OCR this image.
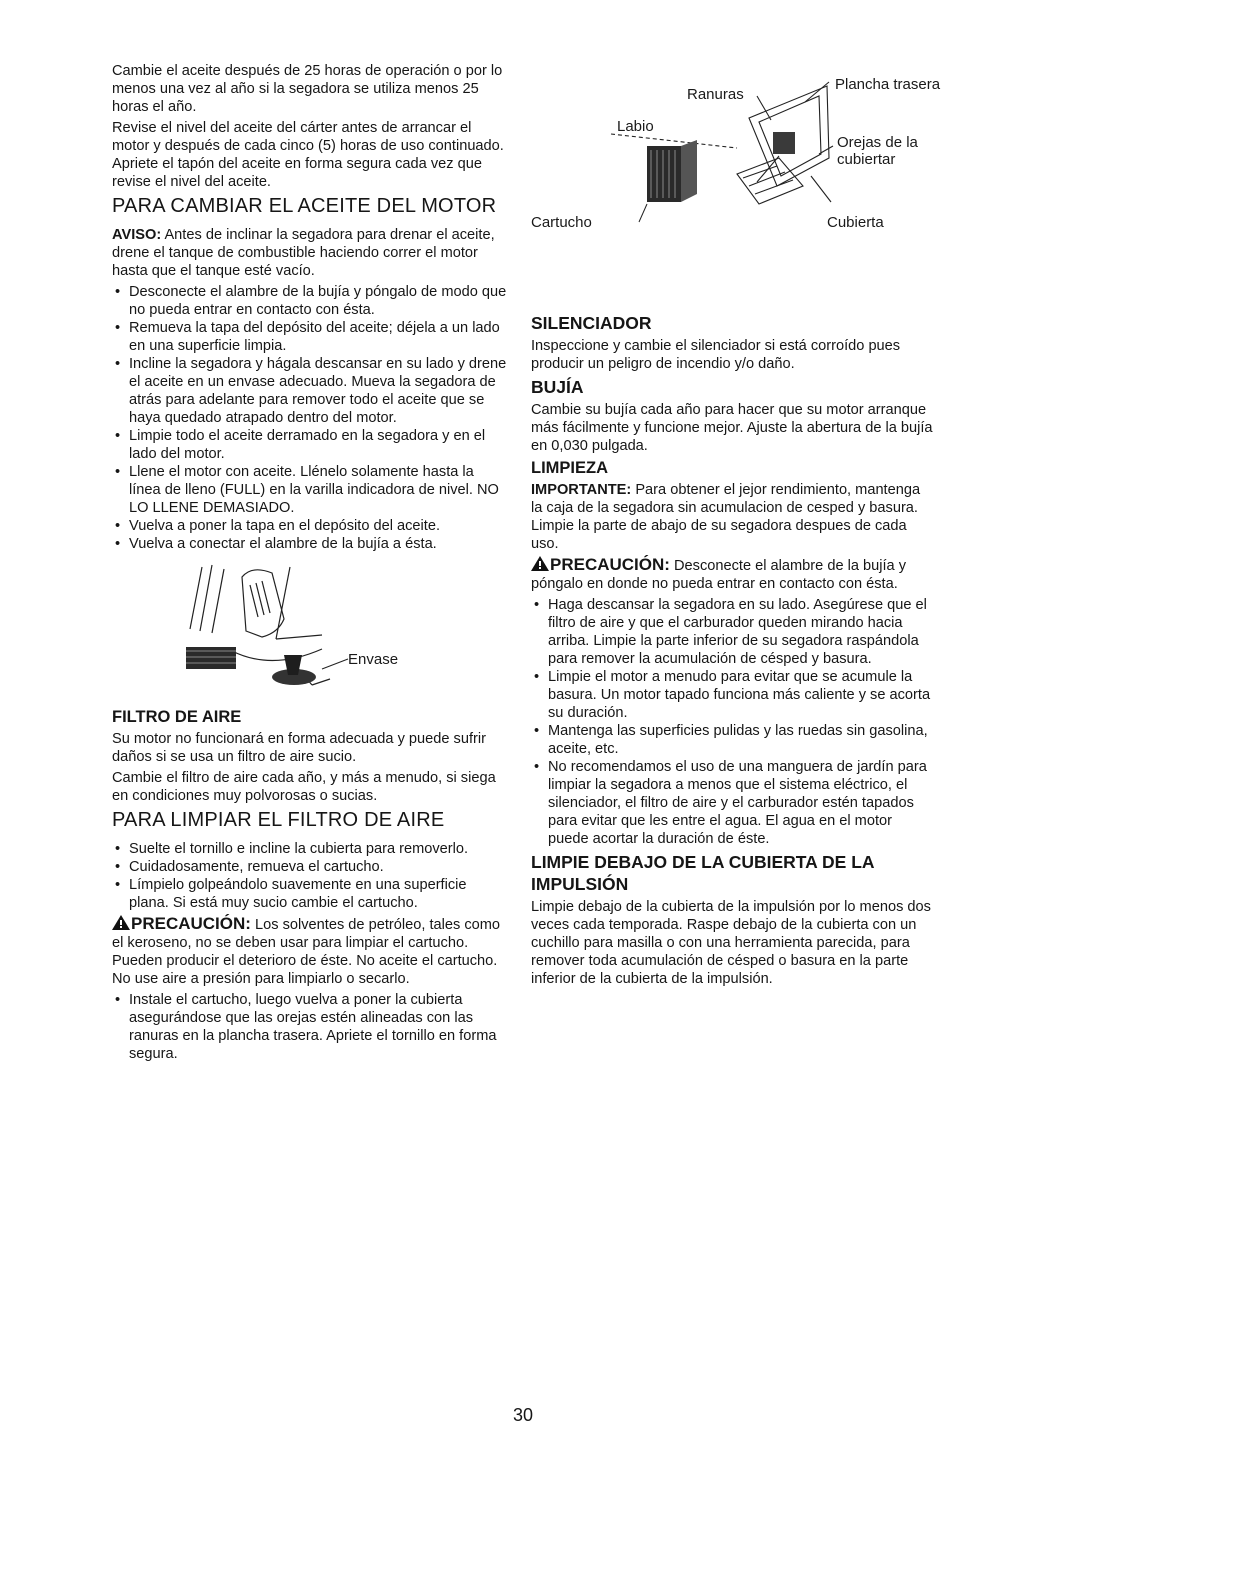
Cambie el aceite después de 25 horas de operación o por lo menos una vez al año si la segadora se utiliza menos 25 horas el año.

Revise el nivel del aceite del cárter antes de arrancar el motor y después de cada cinco (5) horas de uso continuado. Apriete el tapón del aceite en forma segura cada vez que revise el nivel del aceite.

PARA CAMBIAR EL ACEITE DEL MOTOR

AVISO: Antes de inclinar la segadora para drenar el aceite, drene el tanque de combustible haciendo correr el motor hasta que el tanque esté vacío.

• Desconecte el alambre de la bujía y póngalo de modo que no pueda entrar en contacto con ésta.
• Remueva la tapa del depósito del aceite; déjela a un lado en una superficie limpia.
• Incline la segadora y hágala descansar en su lado y drene el aceite en un envase adecuado. Mueva la segadora de atrás para adelante para remover todo el aceite que se haya quedado atrapado dentro del motor.
• Limpie todo el aceite derramado en la segadora y en el lado del motor.
• Llene el motor con aceite. Llénelo solamente hasta la línea de lleno (FULL) en la varilla indicadora de nivel. NO LO LLENE DEMASIADO.
• Vuelva a poner la tapa en el depósito del aceite.
• Vuelva a conectar el alambre de la bujía a ésta.
Envase
FILTRO DE AIRE

Su motor no funcionará en forma adecuada y puede sufrir daños si se usa un filtro de aire sucio.

Cambie el filtro de aire cada año, y más a menudo, si siega en condiciones muy polvorosas o sucias.

PARA LIMPIAR EL FILTRO DE AIRE
• Suelte el tornillo e incline la cubierta para removerlo.
• Cuidadosamente, remueva el cartucho.
• Límpielo golpeándolo suavemente en una superficie plana. Si está muy sucio cambie el cartucho.

PRECAUCIÓN: Los solventes de petróleo, tales como el keroseno, no se deben usar para limpiar el cartucho. Pueden producir el deterioro de éste. No aceite el cartucho. No use aire a presión para limpiarlo o secarlo.

• Instale el cartucho, luego vuelva a poner la cubierta asegurándose que las orejas estén alineadas con las ranuras en la plancha trasera. Apriete el tornillo en forma segura.
Ranuras
Plancha trasera
Labio
Orejas de la cubiertar
Cartucho	Cubierta
SILENCIADOR

Inspeccione y cambie el silenciador si está corroído pues producir un peligro de incendio y/o daño.

BUJÍA

Cambie su bujía cada año para hacer que su motor arranque más fácilmente y funcione mejor. Ajuste la abertura de la bujía en 0,030 pulgada.

LIMPIEZA

IMPORTANTE: Para obtener el jejor rendimiento, mantenga la caja de la segadora sin acumulacion de cesped y basura. Limpie la parte de abajo de su segadora despues de cada uso.

PRECAUCIÓN: Desconecte el alambre de la bujía y póngalo en donde no pueda entrar en contacto con ésta.

• Haga descansar la segadora en su lado. Asegúrese que el filtro de aire y que el carburador queden mirando hacia arriba. Limpie la parte inferior de su segadora raspándola para remover la acumulación de césped y basura.
• Limpie el motor a menudo para evitar que se acumule la basura. Un motor tapado funciona más caliente y se acorta su duración.
• Mantenga las superficies pulidas y las ruedas sin gasolina, aceite, etc.
• No recomendamos el uso de una manguera de jardín para limpiar la segadora a menos que el sistema eléctrico, el silenciador, el filtro de aire y el carburador estén tapados para evitar que les entre el agua. El agua en el motor puede acortar la duración de éste.
LIMPIE DEBAJO DE LA CUBIERTA DE LA IMPULSIÓN

Limpie debajo de la cubierta de la impulsión por lo menos dos veces cada temporada. Raspe debajo de la cubierta con un cuchillo para masilla o con una herramienta parecida, para remover toda acumulación de césped o basura en la parte inferior de la cubierta de la impulsión.

30
